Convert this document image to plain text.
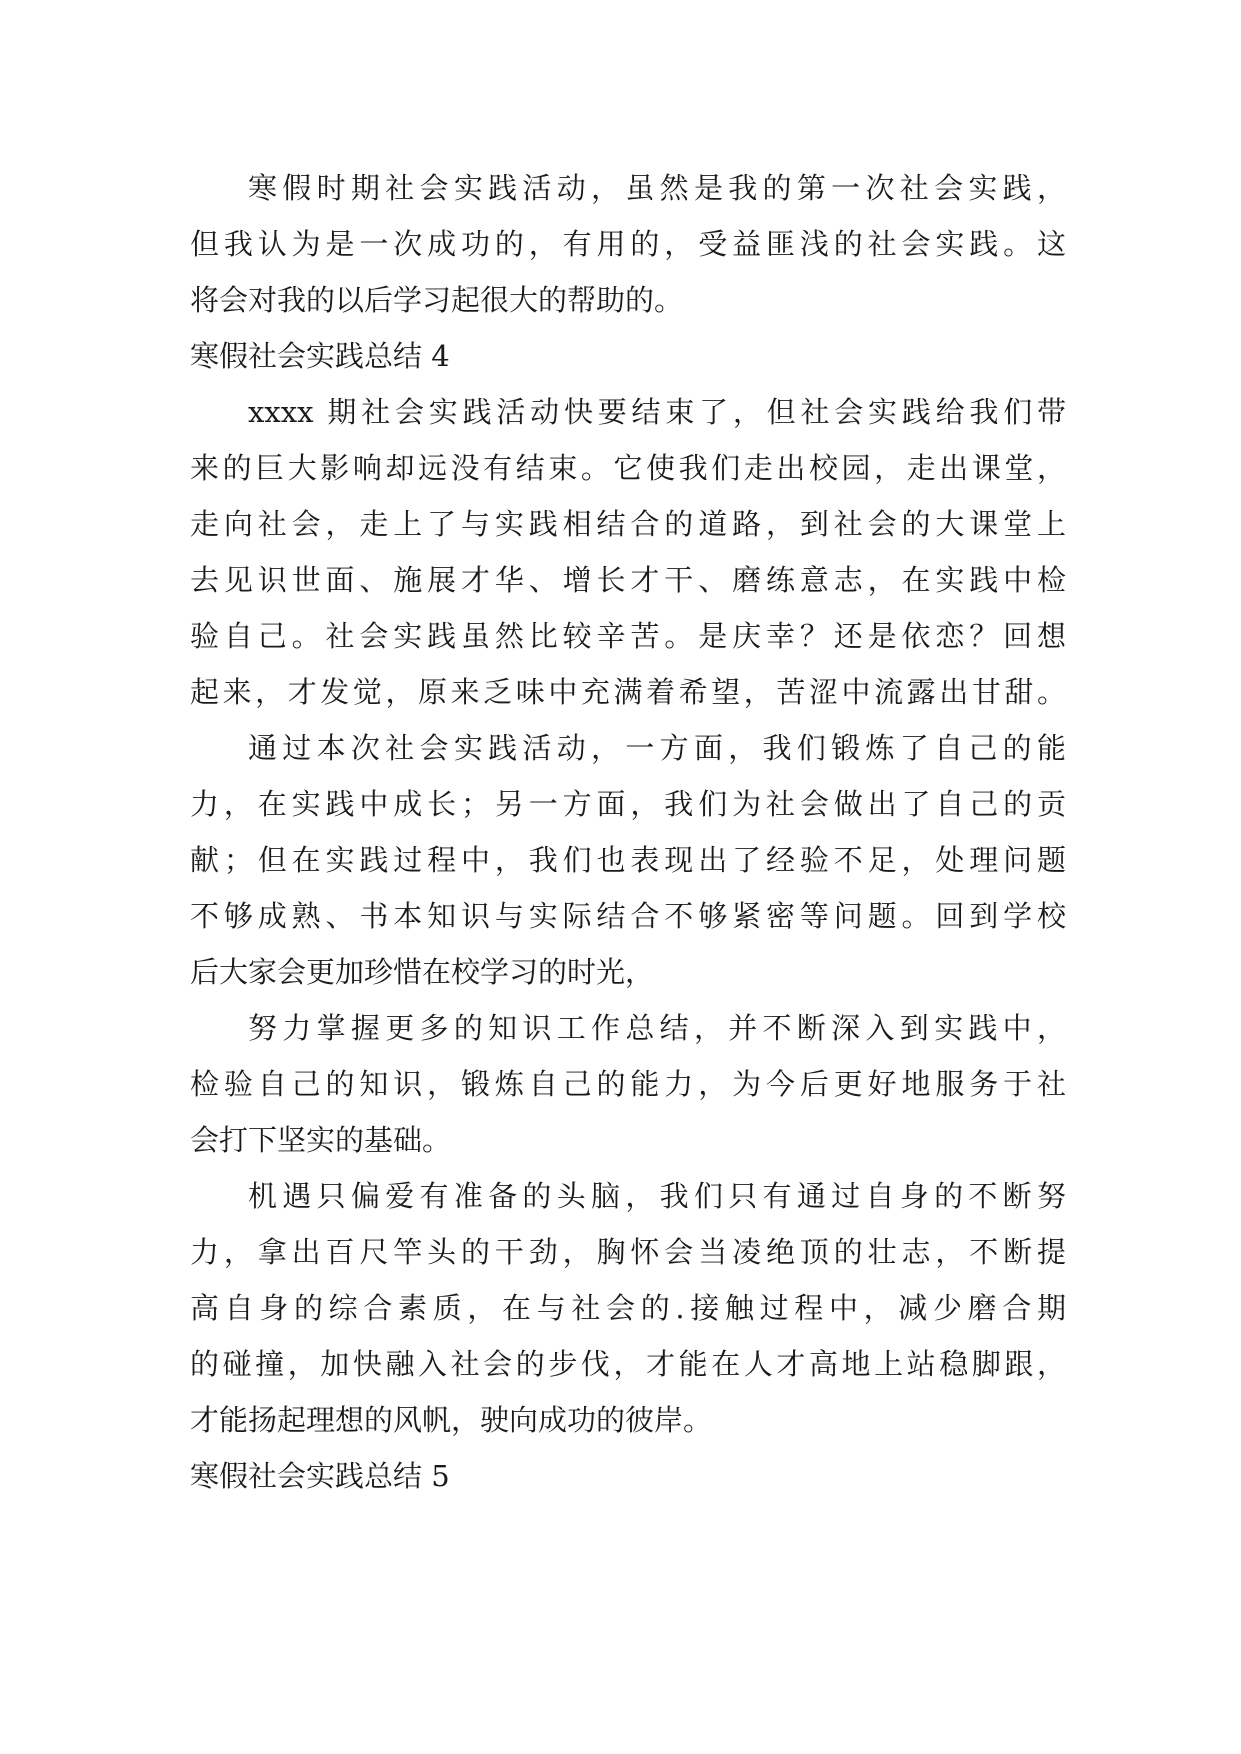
寒假时期社会实践活动，虽然是我的第一次社会实践，
但我认为是一次成功的，有用的，受益匪浅的社会实践。这
将会对我的以后学习起很大的帮助的。

寒假社会实践总结 4

xxxx 期社会实践活动快要结束了，但社会实践给我们带
来的巨大影响却远没有结束。它使我们走出校园，走出课堂，
走向社会，走上了与实践相结合的道路，到社会的大课堂上
去见识世面、施展才华、增长才干、磨练意志，在实践中检
验自己。社会实践虽然比较辛苦。是庆幸？还是依恋？回想
起来，才发觉，原来乏味中充满着希望，苦涩中流露出甘甜。

通过本次社会实践活动，一方面，我们锻炼了自己的能
力，在实践中成长；另一方面，我们为社会做出了自己的贡
献；但在实践过程中，我们也表现出了经验不足，处理问题
不够成熟、书本知识与实际结合不够紧密等问题。回到学校
后大家会更加珍惜在校学习的时光，

努力掌握更多的知识工作总结，并不断深入到实践中，
检验自己的知识，锻炼自己的能力，为今后更好地服务于社
会打下坚实的基础。

机遇只偏爱有准备的头脑，我们只有通过自身的不断努
力，拿出百尺竿头的干劲，胸怀会当凌绝顶的壮志，不断提
高自身的综合素质，在与社会的.接触过程中，减少磨合期
的碰撞，加快融入社会的步伐，才能在人才高地上站稳脚跟，
才能扬起理想的风帆，驶向成功的彼岸。

寒假社会实践总结 5
